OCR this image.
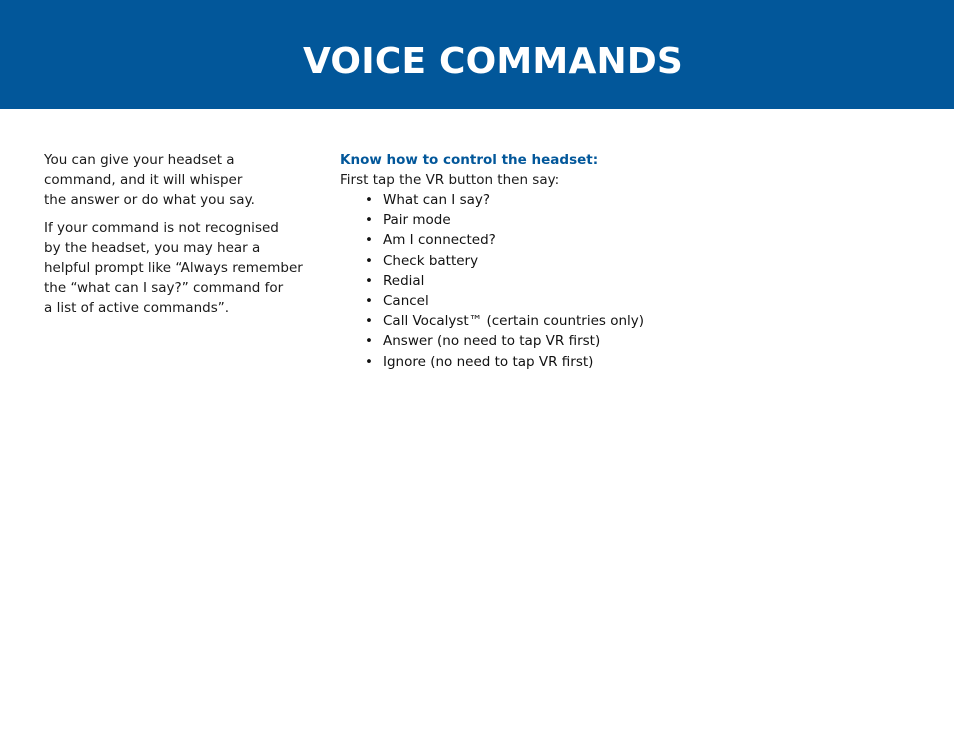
VOICE COMMANDS

You can give your headset a
command, and it will whisper
the answer or do what you say.

If your command is not recognised
by the headset, you may hear a
helpful prompt like “Always remember
the “what can I say?” command for
a list of active commands”.

Know how to control the headset:

First tap the VR button then say:

• What can I say?
• Pair mode
• Am I connected?
• Check battery
• Redial
• Cancel
• Call Vocalyst™ (certain countries only)
• Answer (no need to tap VR first)
• Ignore (no need to tap VR first)
